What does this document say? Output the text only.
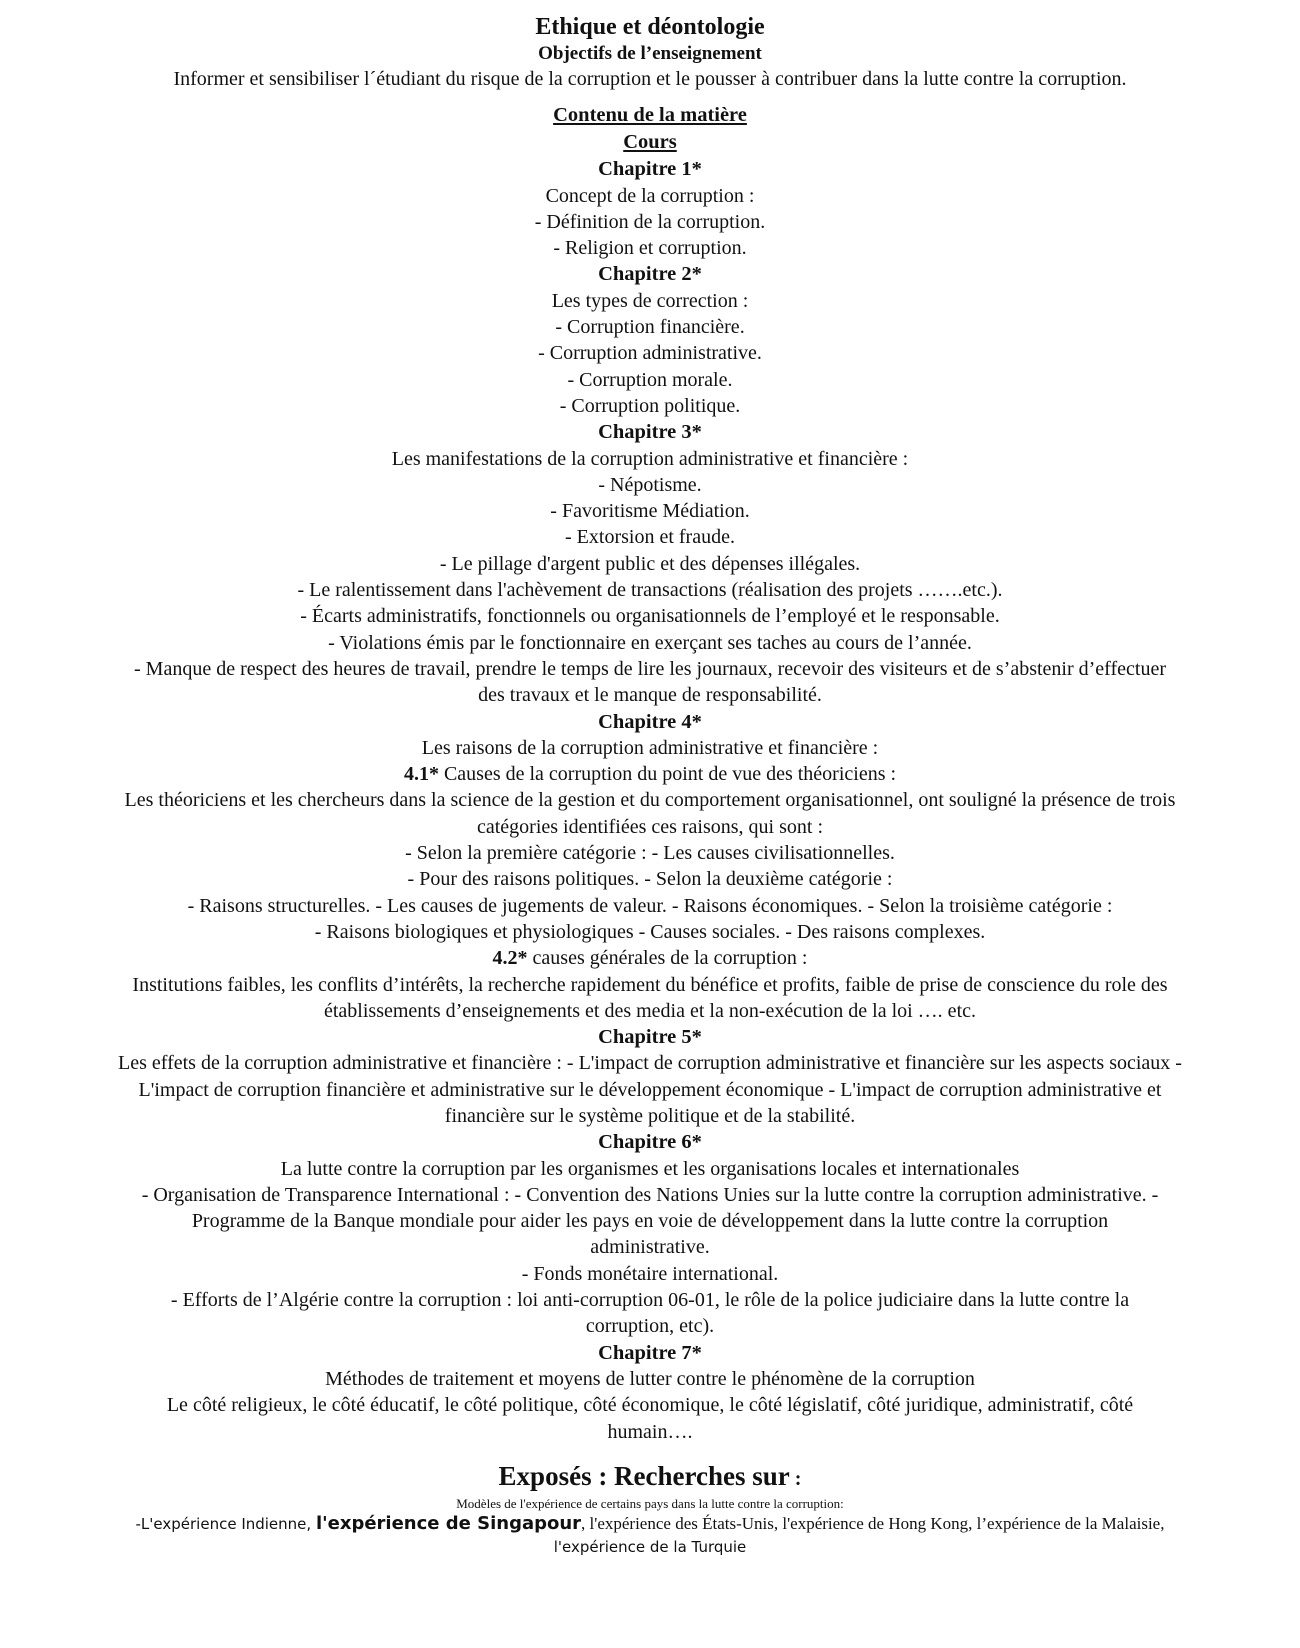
Ethique et déontologie
Objectifs de l’enseignement
Informer et sensibiliser l´étudiant du risque de la corruption et le pousser à contribuer dans la lutte contre la corruption.
Contenu de la matière
Cours
Chapitre 1*
Concept de la corruption :
- Définition de la corruption.
- Religion et corruption.
Chapitre 2*
Les types de correction :
- Corruption financière.
- Corruption administrative.
- Corruption morale.
- Corruption politique.
Chapitre 3*
Les manifestations de la corruption administrative et financière :
- Népotisme.
- Favoritisme Médiation.
- Extorsion et fraude.
- Le pillage d'argent public et des dépenses illégales.
- Le ralentissement dans l'achèvement de transactions (réalisation des projets …….etc.).
- Écarts administratifs, fonctionnels ou organisationnels de l’employé et le responsable.
- Violations émis par le fonctionnaire en exerçant ses taches au cours de l’année.
- Manque de respect des heures de travail, prendre le temps de lire les journaux, recevoir des visiteurs et de s’abstenir d’effectuer des travaux et le manque de responsabilité.
Chapitre 4*
Les raisons de la corruption administrative et financière :
4.1* Causes de la corruption du point de vue des théoriciens :
Les théoriciens et les chercheurs dans la science de la gestion et du comportement organisationnel, ont souligné la présence de trois catégories identifiées ces raisons, qui sont :
- Selon la première catégorie : - Les causes civilisationnelles.
- Pour des raisons politiques. - Selon la deuxième catégorie :
- Raisons structurelles. - Les causes de jugements de valeur. - Raisons économiques. - Selon la troisième catégorie :
- Raisons biologiques et physiologiques - Causes sociales. - Des raisons complexes.
4.2* causes générales de la corruption :
Institutions faibles, les conflits d’intérêts, la recherche rapidement du bénéfice et profits, faible de prise de conscience du role des établissements d’enseignements et des media et la non-exécution de la loi …. etc.
Chapitre 5*
Les effets de la corruption administrative et financière : - L'impact de corruption administrative et financière sur les aspects sociaux - L'impact de corruption financière et administrative sur le développement économique - L'impact de corruption administrative et financière sur le système politique et de la stabilité.
Chapitre 6*
La lutte contre la corruption par les organismes et les organisations locales et internationales
- Organisation de Transparence International : - Convention des Nations Unies sur la lutte contre la corruption administrative. - Programme de la Banque mondiale pour aider les pays en voie de développement dans la lutte contre la corruption administrative.
- Fonds monétaire international.
- Efforts de l’Algérie contre la corruption : loi anti-corruption 06-01, le rôle de la police judiciaire dans la lutte contre la corruption, etc).
Chapitre 7*
Méthodes de traitement et moyens de lutter contre le phénomène de la corruption
Le côté religieux, le côté éducatif, le côté politique, côté économique, le côté législatif, côté juridique, administratif, côté humain….
Exposés : Recherches sur :
Modèles de l'expérience de certains pays dans la lutte contre la corruption:
-L'expérience Indienne, l'expérience de Singapour, l'expérience des États-Unis, l'expérience de Hong Kong, l’expérience de la Malaisie, l'expérience de la Turquie
